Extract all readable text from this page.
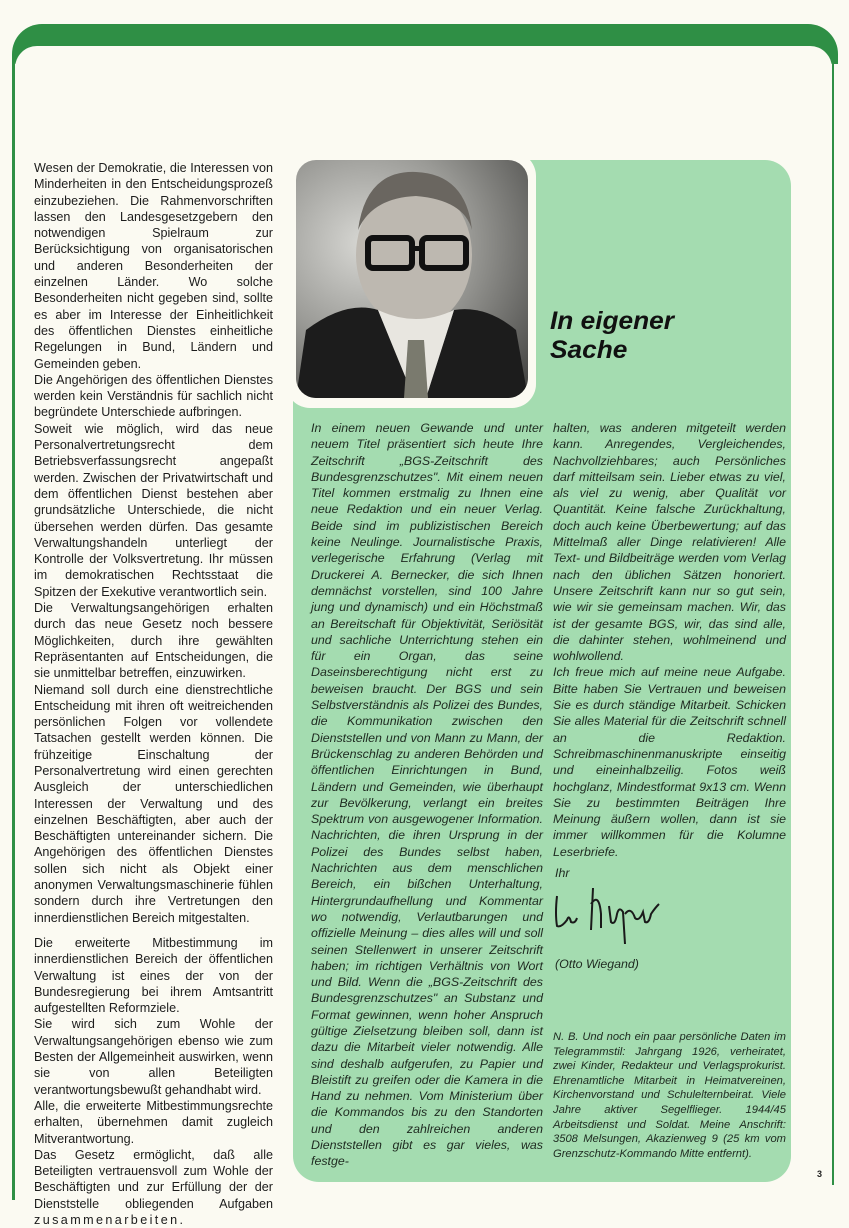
Wesen der Demokratie, die Interessen von Minderheiten in den Entscheidungsprozeß einzubeziehen. Die Rahmenvorschriften lassen den Landesgesetzgebern den notwendigen Spielraum zur Berücksichtigung von organisatorischen und anderen Besonderheiten der einzelnen Länder. Wo solche Besonderheiten nicht gegeben sind, sollte es aber im Interesse der Einheitlichkeit des öffentlichen Dienstes einheitliche Regelungen in Bund, Ländern und Gemeinden geben.

Die Angehörigen des öffentlichen Dienstes werden kein Verständnis für sachlich nicht begründete Unterschiede aufbringen.

Soweit wie möglich, wird das neue Personalvertretungsrecht dem Betriebsverfassungsrecht angepaßt werden. Zwischen der Privatwirtschaft und dem öffentlichen Dienst bestehen aber grundsätzliche Unterschiede, die nicht übersehen werden dürfen. Das gesamte Verwaltungshandeln unterliegt der Kontrolle der Volksvertretung. Ihr müssen im demokratischen Rechtsstaat die Spitzen der Exekutive verantwortlich sein.

Die Verwaltungsangehörigen erhalten durch das neue Gesetz noch bessere Möglichkeiten, durch ihre gewählten Repräsentanten auf Entscheidungen, die sie unmittelbar betreffen, einzuwirken.

Niemand soll durch eine dienstrechtliche Entscheidung mit ihren oft weitreichenden persönlichen Folgen vor vollendete Tatsachen gestellt werden können. Die frühzeitige Einschaltung der Personalvertretung wird einen gerechten Ausgleich der unterschiedlichen Interessen der Verwaltung und des einzelnen Beschäftigten, aber auch der Beschäftigten untereinander sichern. Die Angehörigen des öffentlichen Dienstes sollen sich nicht als Objekt einer anonymen Verwaltungsmaschinerie fühlen sondern durch ihre Vertretungen den innerdienstlichen Bereich mitgestalten.

Die erweiterte Mitbestimmung im innerdienstlichen Bereich der öffentlichen Verwaltung ist eines der von der Bundesregierung bei ihrem Amtsantritt aufgestellten Reformziele.

Sie wird sich zum Wohle der Verwaltungsangehörigen ebenso wie zum Besten der Allgemeinheit auswirken, wenn sie von allen Beteiligten verantwortungsbewußt gehandhabt wird.

Alle, die erweiterte Mitbestimmungsrechte erhalten, übernehmen damit zugleich Mitverantwortung.

Das Gesetz ermöglicht, daß alle Beteiligten vertrauensvoll zum Wohle der Beschäftigten und zur Erfüllung der der Dienststelle obliegenden Aufgaben zusammenarbeiten.

In eigener
Sache

In einem neuen Gewande und unter neuem Titel präsentiert sich heute Ihre Zeitschrift „BGS-Zeitschrift des Bundesgrenzschutzes". Mit einem neuen Titel kommen erstmalig zu Ihnen eine neue Redaktion und ein neuer Verlag. Beide sind im publizistischen Bereich keine Neulinge. Journalistische Praxis, verlegerische Erfahrung (Verlag mit Druckerei A. Bernecker, die sich Ihnen demnächst vorstellen, sind 100 Jahre jung und dynamisch) und ein Höchstmaß an Bereitschaft für Objektivität, Seriösität und sachliche Unterrichtung stehen ein für ein Organ, das seine Daseinsberechtigung nicht erst zu beweisen braucht. Der BGS und sein Selbstverständnis als Polizei des Bundes, die Kommunikation zwischen den Dienststellen und von Mann zu Mann, der Brückenschlag zu anderen Behörden und öffentlichen Einrichtungen in Bund, Ländern und Gemeinden, wie überhaupt zur Bevölkerung, verlangt ein breites Spektrum von ausgewogener Information. Nachrichten, die ihren Ursprung in der Polizei des Bundes selbst haben, Nachrichten aus dem menschlichen Bereich, ein bißchen Unterhaltung, Hintergrundaufhellung und Kommentar wo notwendig, Verlautbarungen und offizielle Meinung – dies alles will und soll seinen Stellenwert in unserer Zeitschrift haben; im richtigen Verhältnis von Wort und Bild. Wenn die „BGS-Zeitschrift des Bundesgrenzschutzes" an Substanz und Format gewinnen, wenn hoher Anspruch gültige Zielsetzung bleiben soll, dann ist dazu die Mitarbeit vieler notwendig. Alle sind deshalb aufgerufen, zu Papier und Bleistift zu greifen oder die Kamera in die Hand zu nehmen. Vom Ministerium über die Kommandos bis zu den Standorten und den zahlreichen anderen Dienststellen gibt es gar vieles, was festge-

halten, was anderen mitgeteilt werden kann. Anregendes, Vergleichendes, Nachvollziehbares; auch Persönliches darf mitteilsam sein. Lieber etwas zu viel, als viel zu wenig, aber Qualität vor Quantität. Keine falsche Zurückhaltung, doch auch keine Überbewertung; auf das Mittelmaß aller Dinge relativieren! Alle Text- und Bildbeiträge werden vom Verlag nach den üblichen Sätzen honoriert. Unsere Zeitschrift kann nur so gut sein, wie wir sie gemeinsam machen. Wir, das ist der gesamte BGS, wir, das sind alle, die dahinter stehen, wohlmeinend und wohlwollend.

Ich freue mich auf meine neue Aufgabe. Bitte haben Sie Vertrauen und beweisen Sie es durch ständige Mitarbeit. Schicken Sie alles Material für die Zeitschrift schnell an die Redaktion. Schreibmaschinenmanuskripte einseitig und eineinhalbzeilig. Fotos weiß hochglanz, Mindestformat 9x13 cm. Wenn Sie zu bestimmten Beiträgen Ihre Meinung äußern wollen, dann ist sie immer willkommen für die Kolumne Leserbriefe.

Ihr
(Otto Wiegand)
N. B. Und noch ein paar persönliche Daten im Telegrammstil: Jahrgang 1926, verheiratet, zwei Kinder, Redakteur und Verlagsprokurist. Ehrenamtliche Mitarbeit in Heimatvereinen, Kirchenvorstand und Schulelternbeirat. Viele Jahre aktiver Segelflieger. 1944/45 Arbeitsdienst und Soldat. Meine Anschrift: 3508 Melsungen, Akazienweg 9 (25 km vom Grenzschutz-Kommando Mitte entfernt).
3
